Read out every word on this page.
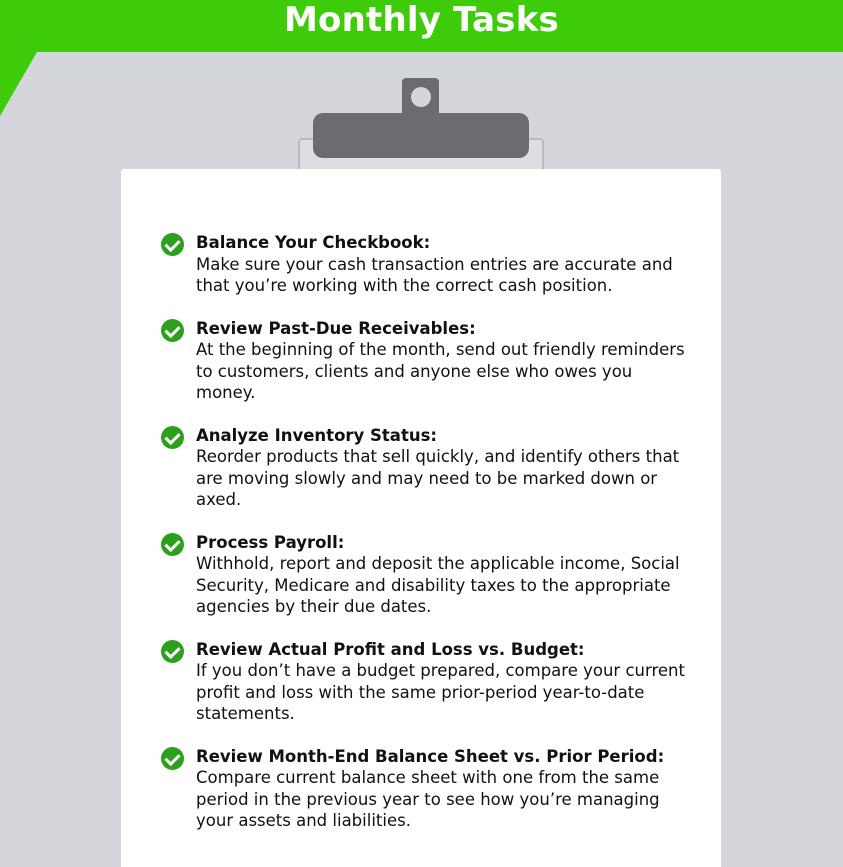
Monthly Tasks
Balance Your Checkbook:
Make sure your cash transaction entries are accurate and that you’re working with the correct cash position.
Review Past-Due Receivables:
At the beginning of the month, send out friendly reminders to customers, clients and anyone else who owes you money.
Analyze Inventory Status:
Reorder products that sell quickly, and identify others that are moving slowly and may need to be marked down or axed.
Process Payroll:
Withhold, report and deposit the applicable income, Social Security, Medicare and disability taxes to the appropriate agencies by their due dates.
Review Actual Profit and Loss vs. Budget:
If you don’t have a budget prepared, compare your current profit and loss with the same prior-period year-to-date statements.
Review Month-End Balance Sheet vs. Prior Period:
Compare current balance sheet with one from the same period in the previous year to see how you’re managing your assets and liabilities.
